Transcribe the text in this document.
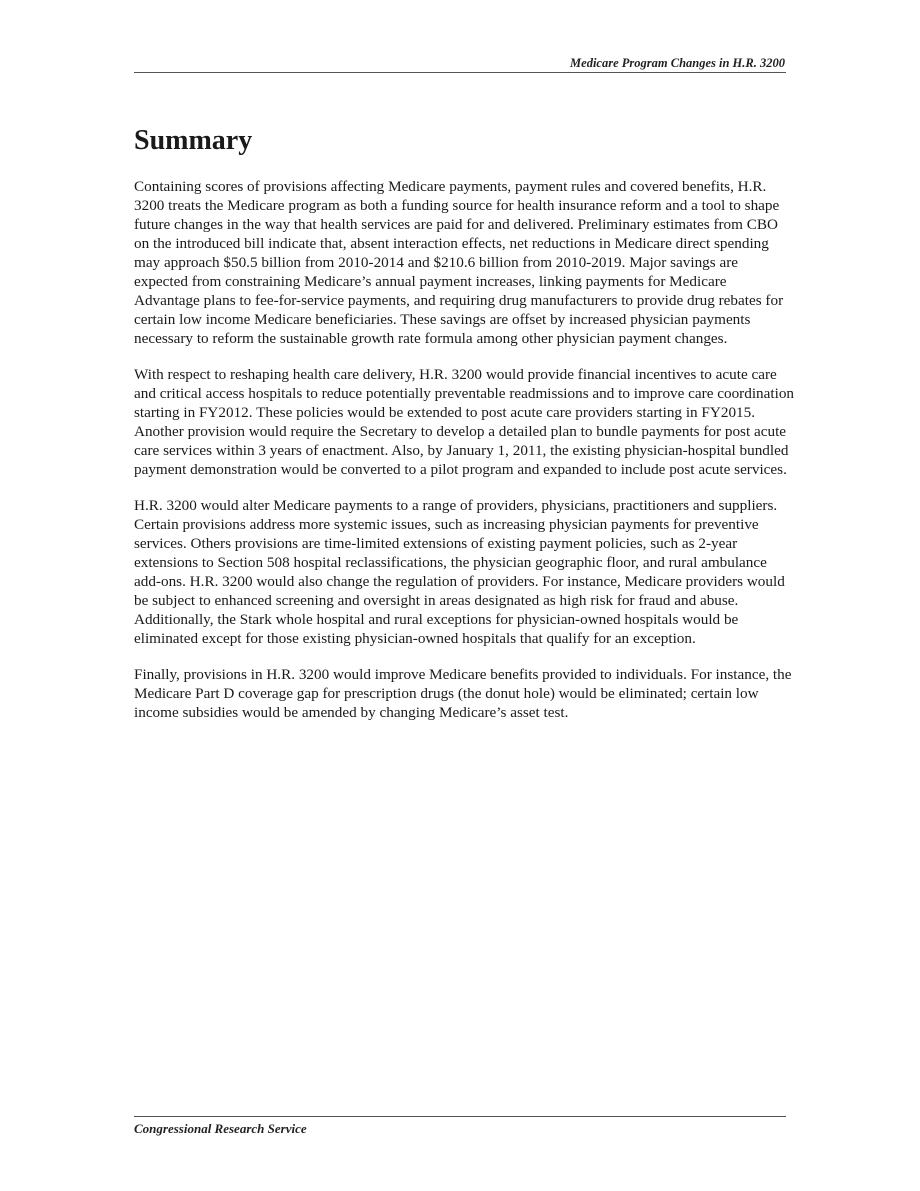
Medicare Program Changes in H.R. 3200
Summary

Containing scores of provisions affecting Medicare payments, payment rules and covered benefits, H.R. 3200 treats the Medicare program as both a funding source for health insurance reform and a tool to shape future changes in the way that health services are paid for and delivered. Preliminary estimates from CBO on the introduced bill indicate that, absent interaction effects, net reductions in Medicare direct spending may approach $50.5 billion from 2010-2014 and $210.6 billion from 2010-2019. Major savings are expected from constraining Medicare’s annual payment increases, linking payments for Medicare Advantage plans to fee-for-service payments, and requiring drug manufacturers to provide drug rebates for certain low income Medicare beneficiaries. These savings are offset by increased physician payments necessary to reform the sustainable growth rate formula among other physician payment changes.

With respect to reshaping health care delivery, H.R. 3200 would provide financial incentives to acute care and critical access hospitals to reduce potentially preventable readmissions and to improve care coordination starting in FY2012. These policies would be extended to post acute care providers starting in FY2015. Another provision would require the Secretary to develop a detailed plan to bundle payments for post acute care services within 3 years of enactment. Also, by January 1, 2011, the existing physician-hospital bundled payment demonstration would be converted to a pilot program and expanded to include post acute services.

H.R. 3200 would alter Medicare payments to a range of providers, physicians, practitioners and suppliers. Certain provisions address more systemic issues, such as increasing physician payments for preventive services. Others provisions are time-limited extensions of existing payment policies, such as 2-year extensions to Section 508 hospital reclassifications, the physician geographic floor, and rural ambulance add-ons. H.R. 3200 would also change the regulation of providers. For instance, Medicare providers would be subject to enhanced screening and oversight in areas designated as high risk for fraud and abuse. Additionally, the Stark whole hospital and rural exceptions for physician-owned hospitals would be eliminated except for those existing physician-owned hospitals that qualify for an exception.

Finally, provisions in H.R. 3200 would improve Medicare benefits provided to individuals. For instance, the Medicare Part D coverage gap for prescription drugs (the donut hole) would be eliminated; certain low income subsidies would be amended by changing Medicare’s asset test.

Congressional Research Service
